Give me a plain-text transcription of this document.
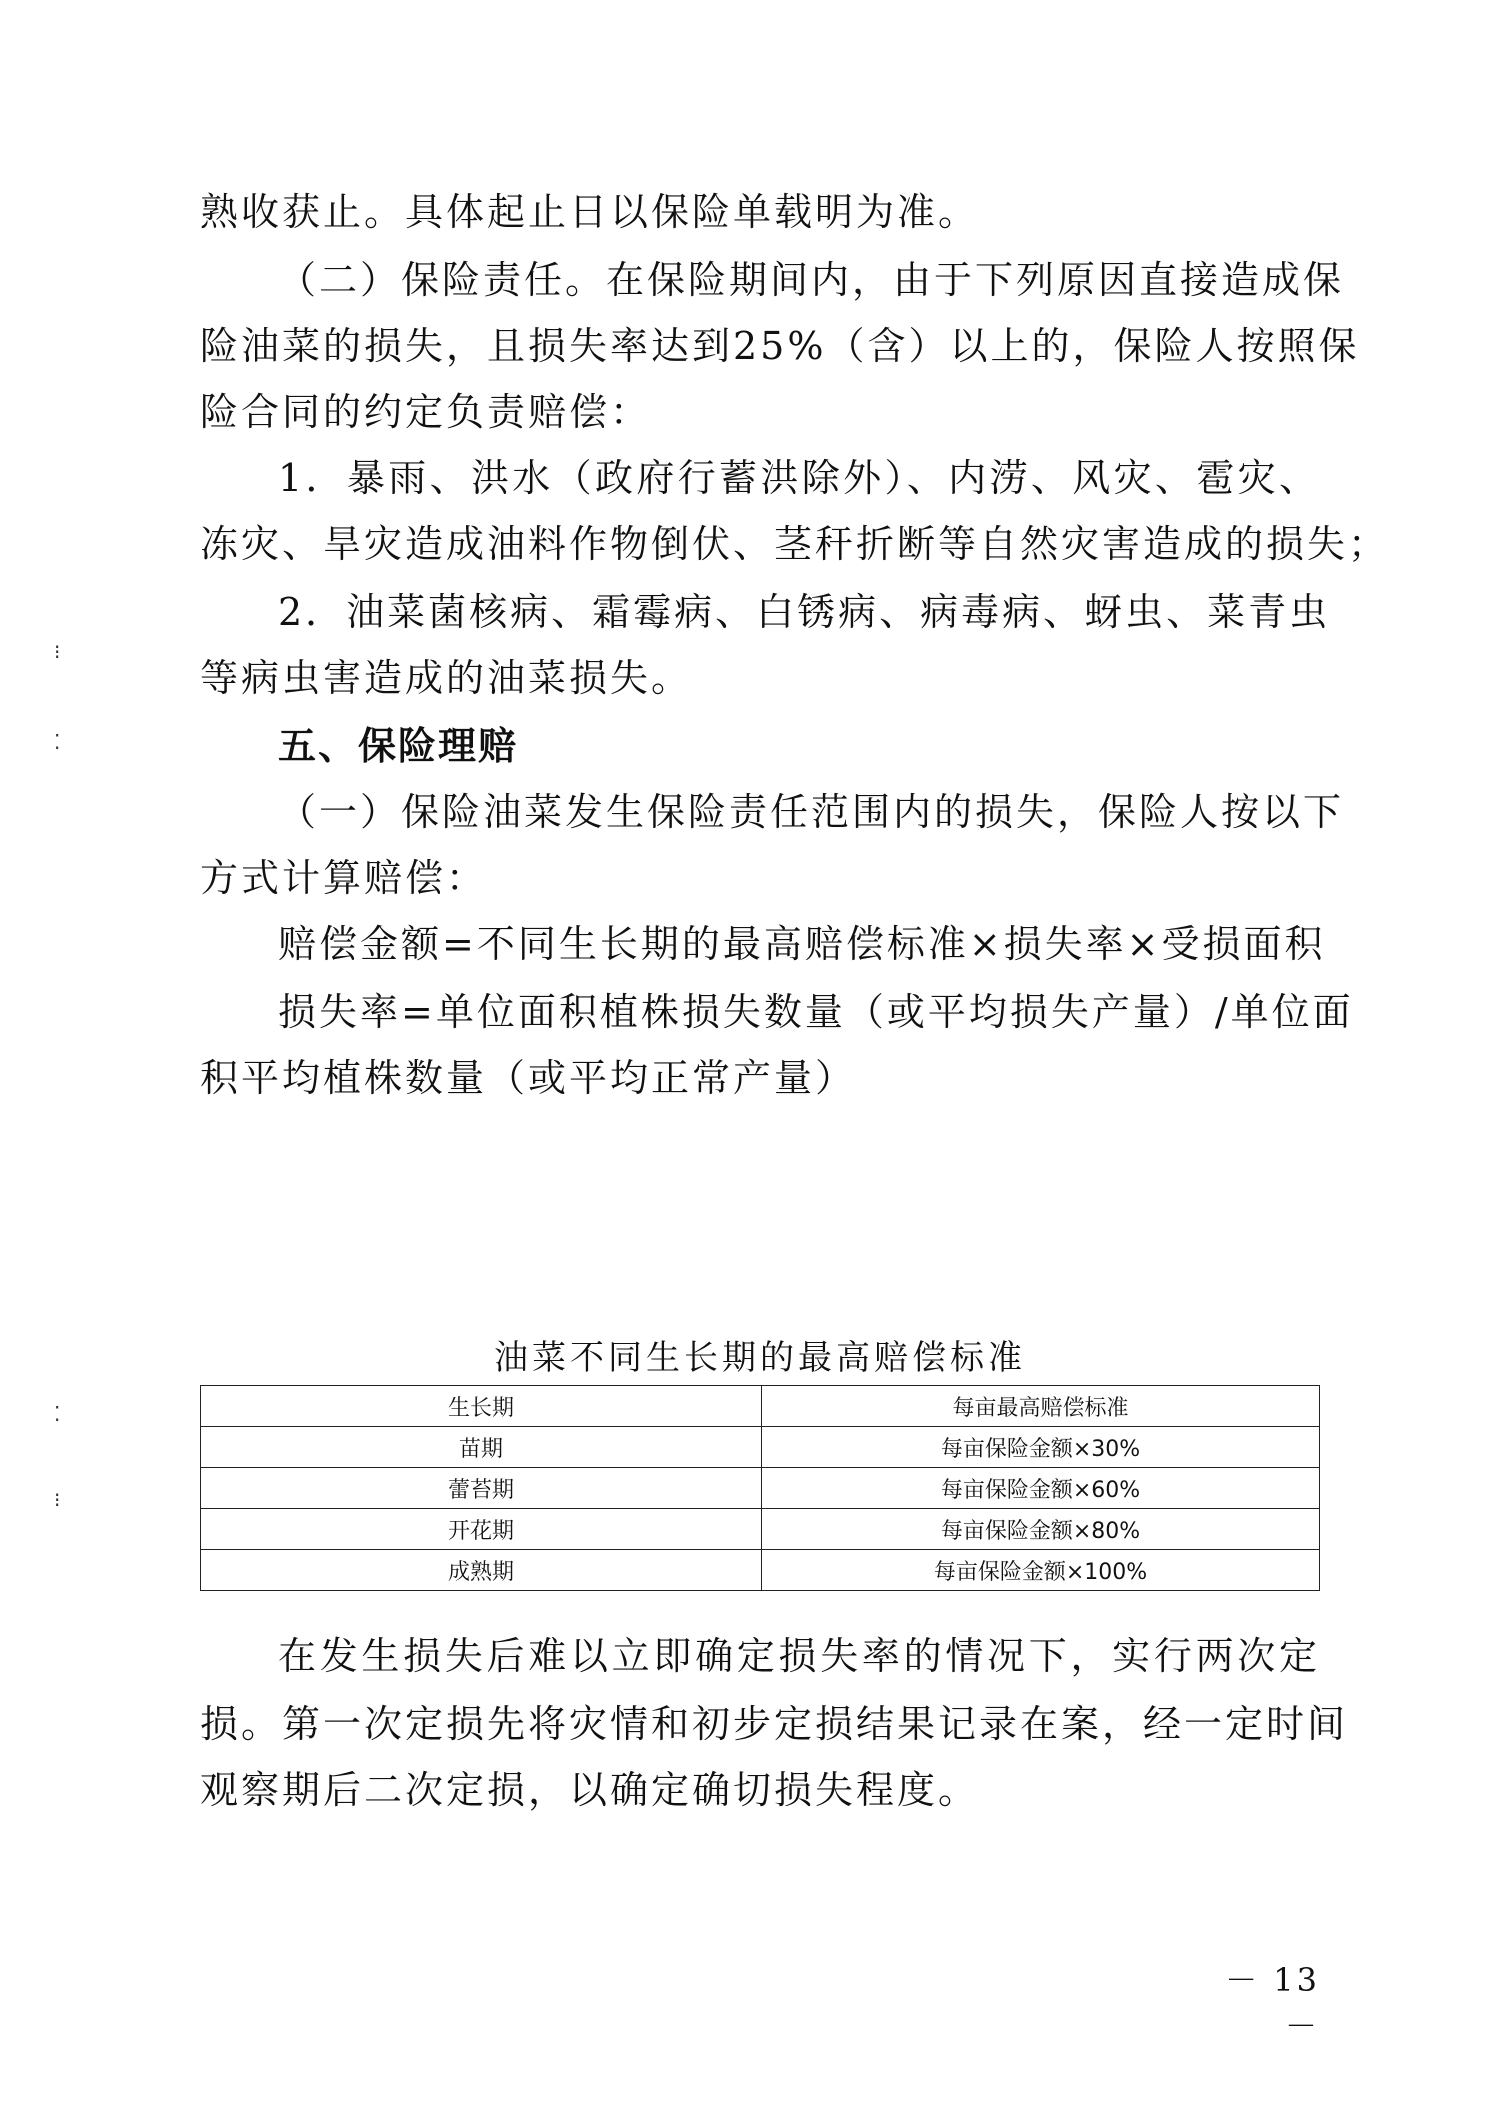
熟收获止。具体起止日以保险单载明为准。
（二）保险责任。在保险期间内，由于下列原因直接造成保
险油菜的损失，且损失率达到25%（含）以上的，保险人按照保
险合同的约定负责赔偿：
1．暴雨、洪水（政府行蓄洪除外）、内涝、风灾、雹灾、
冻灾、旱灾造成油料作物倒伏、茎秆折断等自然灾害造成的损失；
2．油菜菌核病、霜霉病、白锈病、病毒病、蚜虫、菜青虫
等病虫害造成的油菜损失。
五、保险理赔
（一）保险油菜发生保险责任范围内的损失，保险人按以下
方式计算赔偿：
赔偿金额=不同生长期的最高赔偿标准×损失率×受损面积
损失率=单位面积植株损失数量（或平均损失产量）/单位面
积平均植株数量（或平均正常产量）
油菜不同生长期的最高赔偿标准
生长期	每亩最高赔偿标准
苗期	每亩保险金额×30%
蕾苔期	每亩保险金额×60%
开花期	每亩保险金额×80%
成熟期	每亩保险金额×100%
在发生损失后难以立即确定损失率的情况下，实行两次定
损。第一次定损先将灾情和初步定损结果记录在案，经一定时间
观察期后二次定损，以确定确切损失程度。
⁝
⁚
⁚
⁝
－ 13 －
